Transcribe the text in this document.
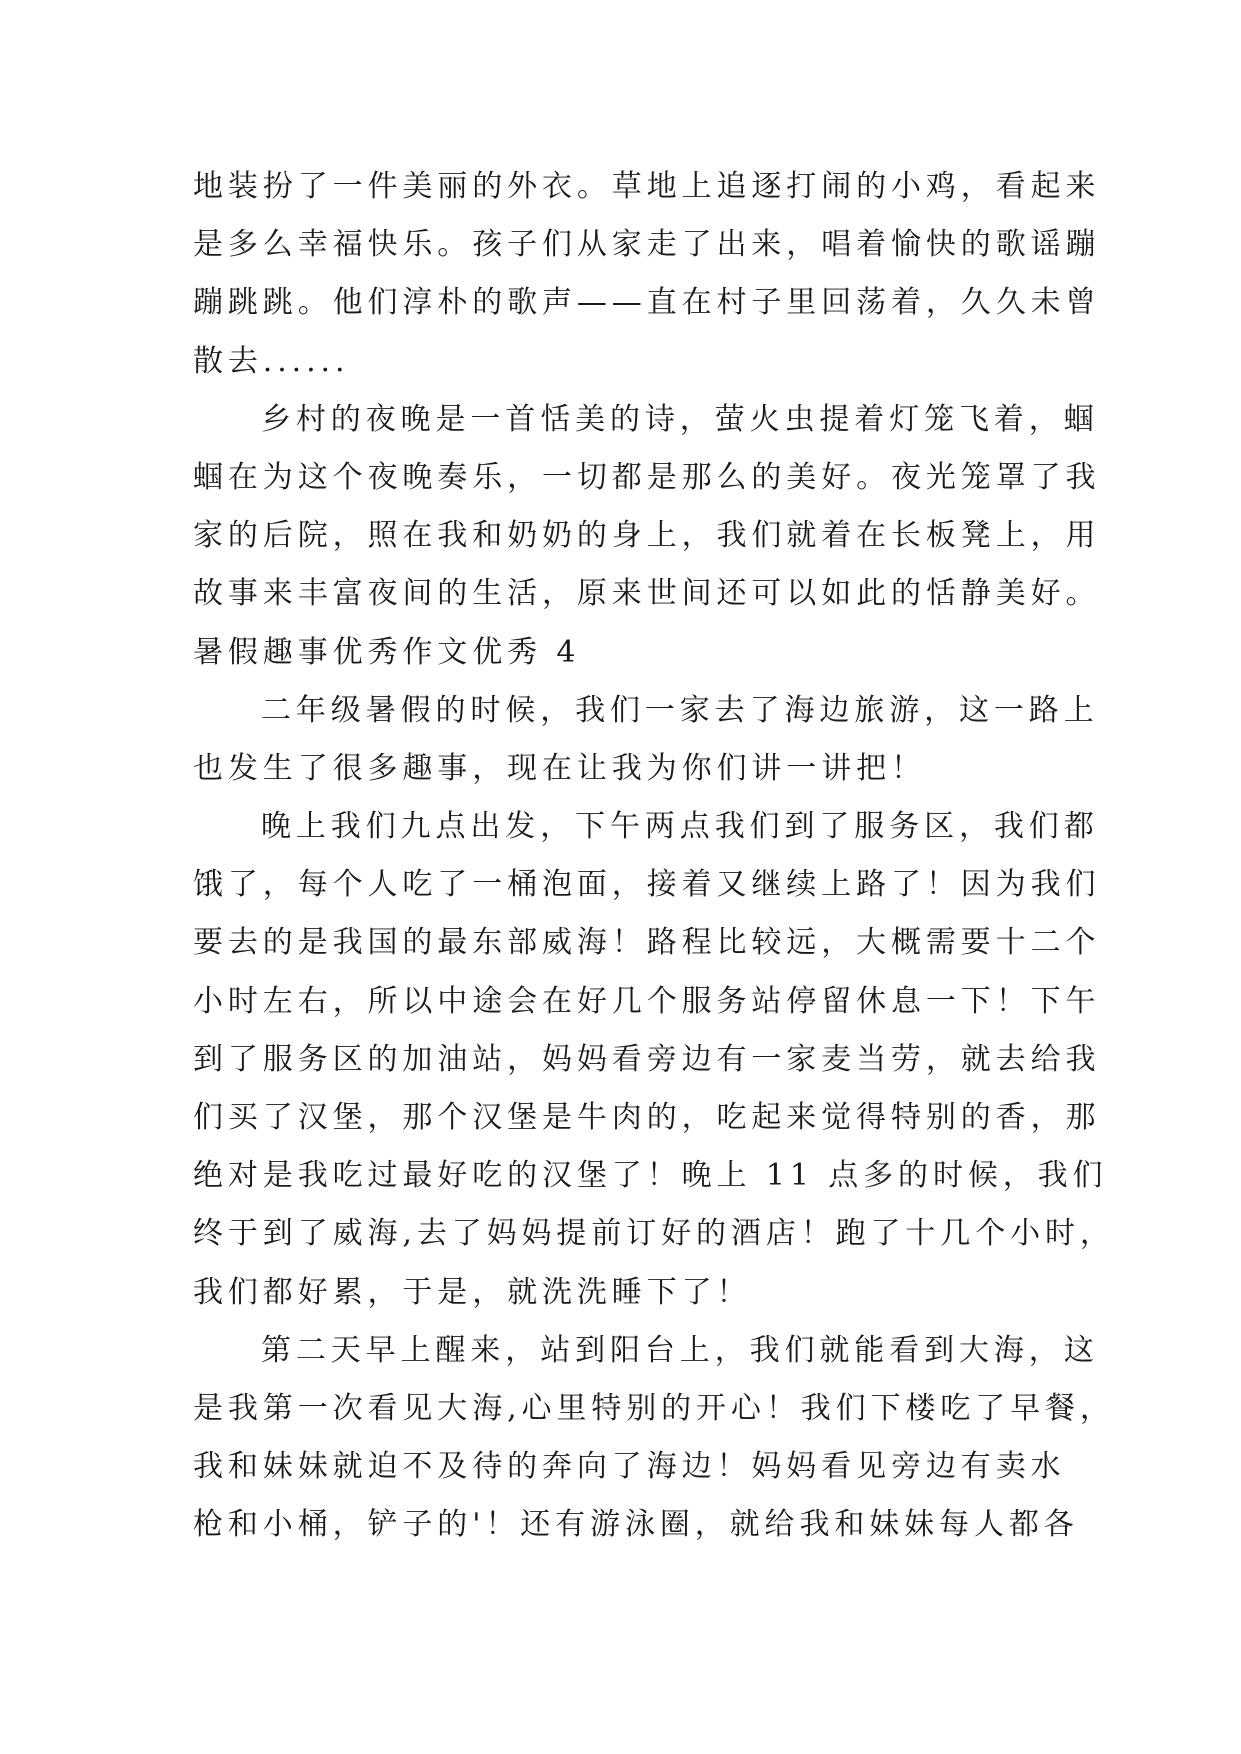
地装扮了一件美丽的外衣。草地上追逐打闹的小鸡，看起来
是多么幸福快乐。孩子们从家走了出来，唱着愉快的歌谣蹦
蹦跳跳。他们淳朴的歌声——直在村子里回荡着，久久未曾
散去......
乡村的夜晚是一首恬美的诗，萤火虫提着灯笼飞着，蝈
蝈在为这个夜晚奏乐，一切都是那么的美好。夜光笼罩了我
家的后院，照在我和奶奶的身上，我们就着在长板凳上，用
故事来丰富夜间的生活，原来世间还可以如此的恬静美好。
暑假趣事优秀作文优秀 4
二年级暑假的时候，我们一家去了海边旅游，这一路上
也发生了很多趣事，现在让我为你们讲一讲把！
晚上我们九点出发，下午两点我们到了服务区，我们都
饿了，每个人吃了一桶泡面，接着又继续上路了！因为我们
要去的是我国的最东部威海！路程比较远，大概需要十二个
小时左右，所以中途会在好几个服务站停留休息一下！下午
到了服务区的加油站，妈妈看旁边有一家麦当劳，就去给我
们买了汉堡，那个汉堡是牛肉的，吃起来觉得特别的香，那
绝对是我吃过最好吃的汉堡了！晚上 11 点多的时候，我们
终于到了威海,去了妈妈提前订好的酒店！跑了十几个小时，
我们都好累，于是，就洗洗睡下了！
第二天早上醒来，站到阳台上，我们就能看到大海，这
是我第一次看见大海,心里特别的开心！我们下楼吃了早餐，
我和妹妹就迫不及待的奔向了海边！妈妈看见旁边有卖水
枪和小桶，铲子的'！还有游泳圈，就给我和妹妹每人都各
